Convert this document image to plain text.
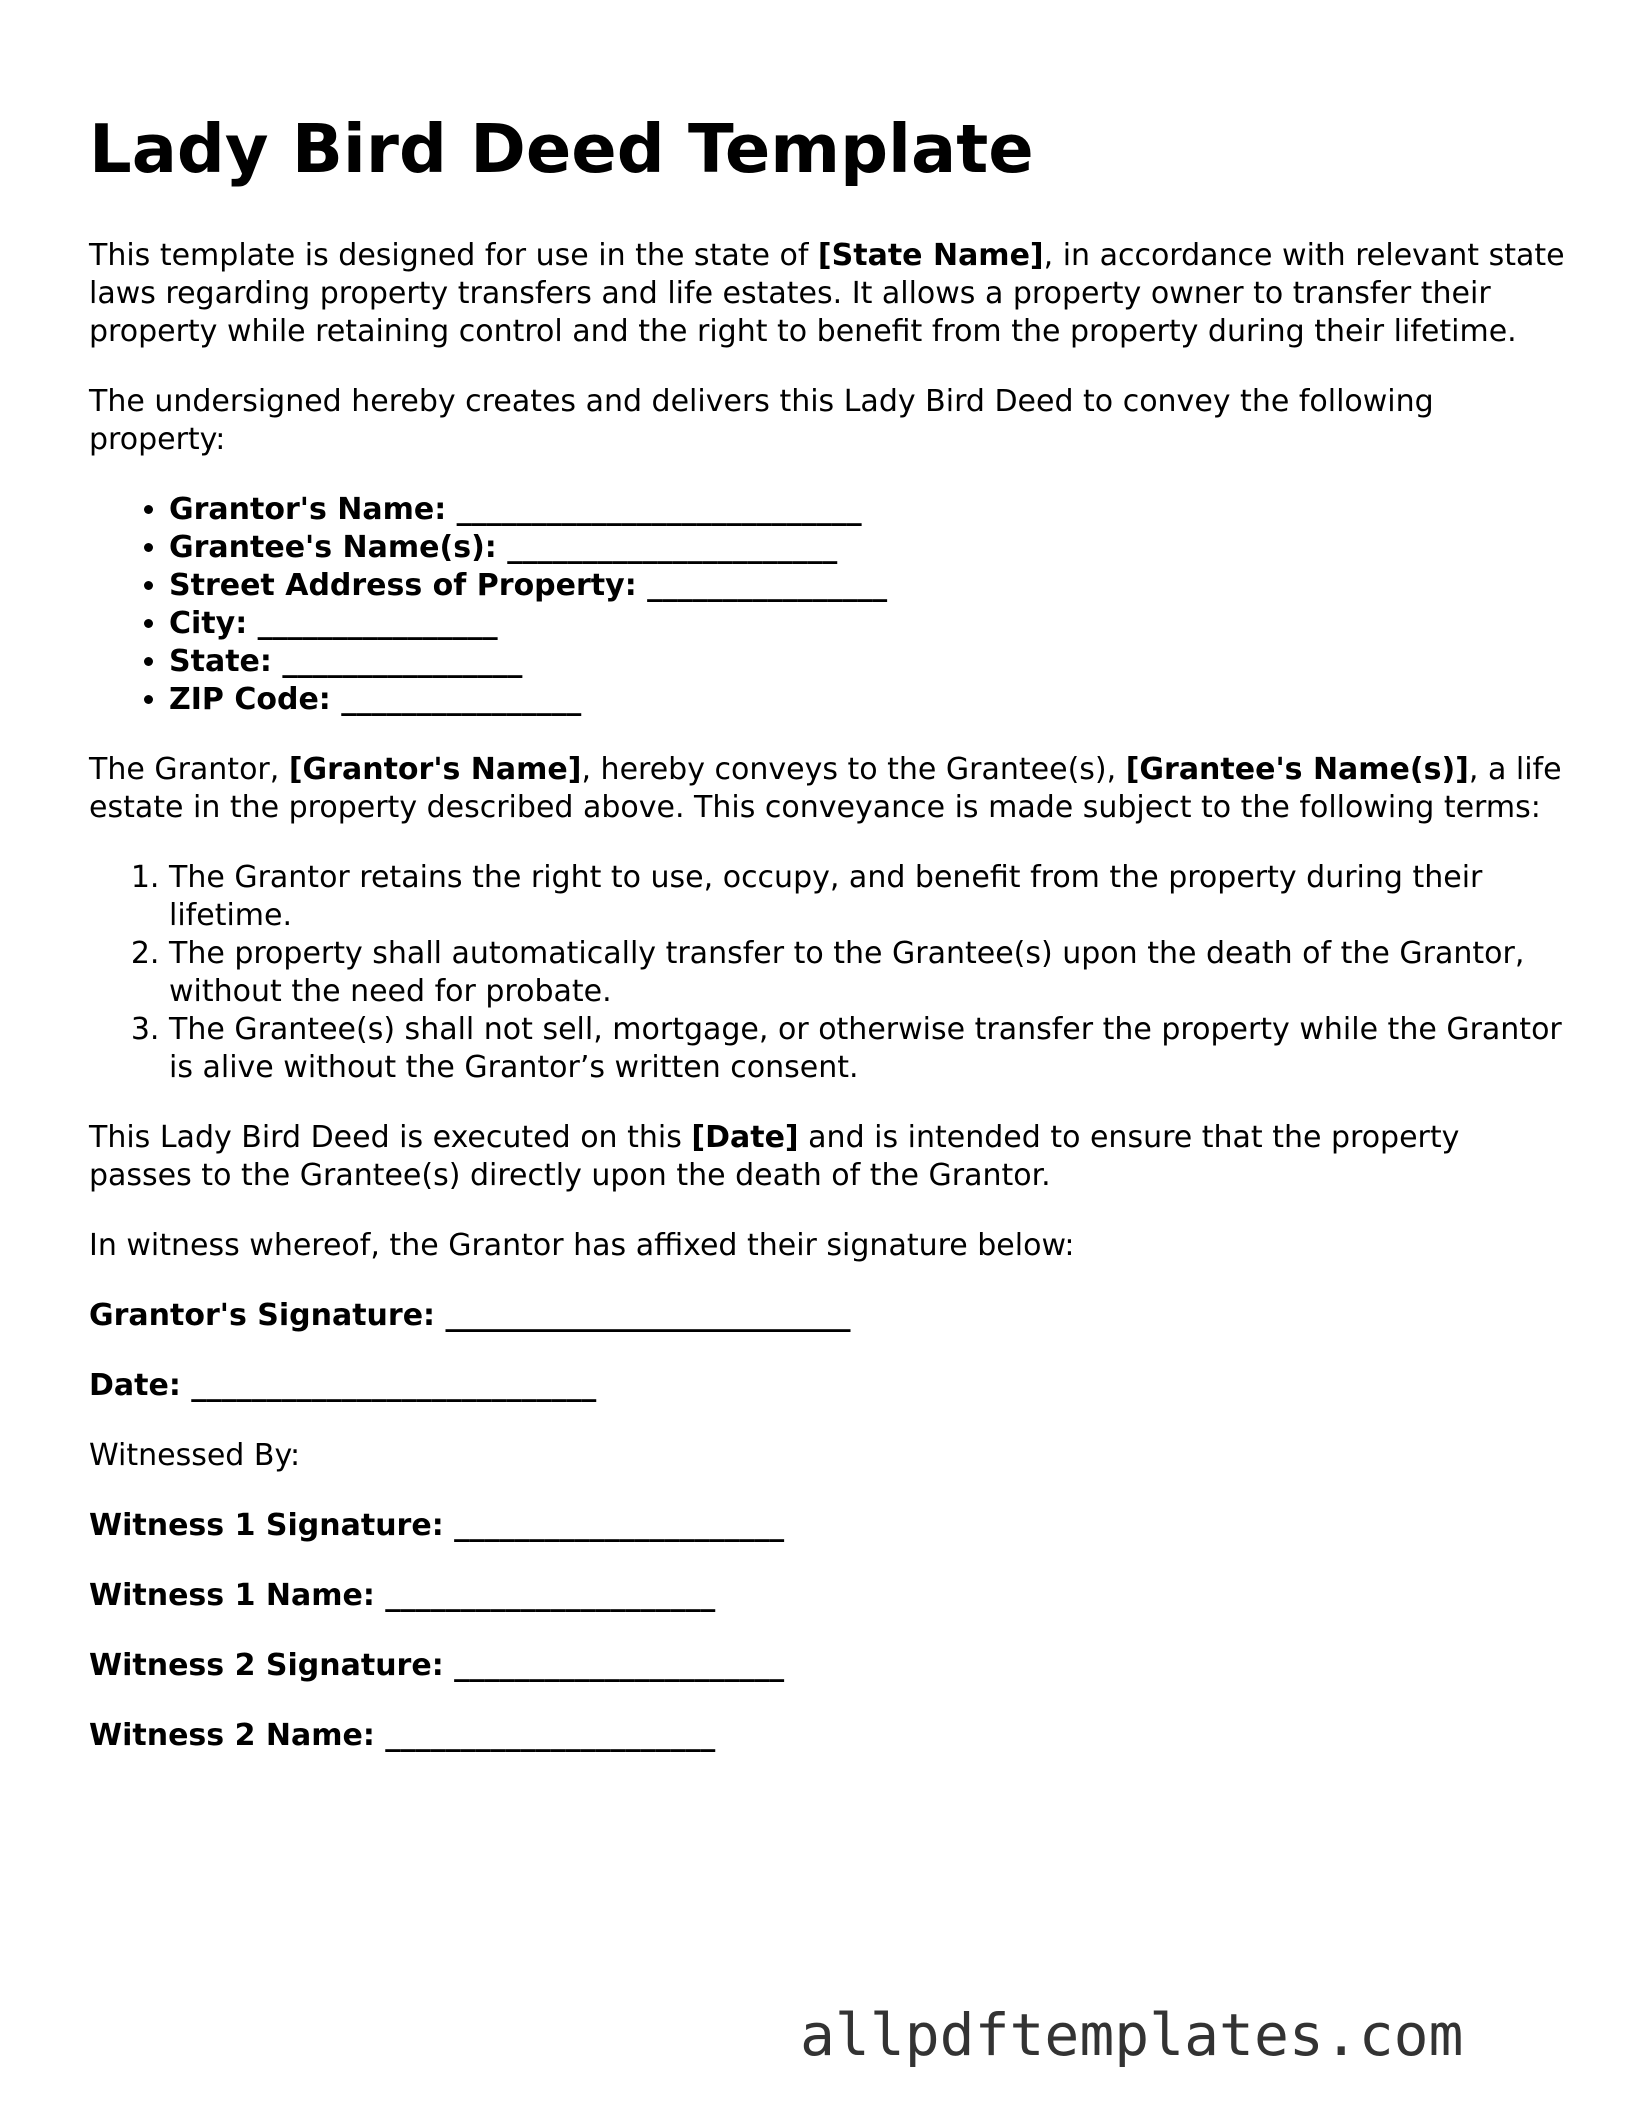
Lady Bird Deed Template

This template is designed for use in the state of [State Name], in accordance with relevant state laws regarding property transfers and life estates. It allows a property owner to transfer their property while retaining control and the right to benefit from the property during their lifetime.

The undersigned hereby creates and delivers this Lady Bird Deed to convey the following property:

• Grantor's Name: ___________________________
• Grantee's Name(s): ______________________
• Street Address of Property: ________________
• City: ________________
• State: ________________
• ZIP Code: ________________

The Grantor, [Grantor's Name], hereby conveys to the Grantee(s), [Grantee's Name(s)], a life estate in the property described above. This conveyance is made subject to the following terms:

1. The Grantor retains the right to use, occupy, and benefit from the property during their lifetime.
2. The property shall automatically transfer to the Grantee(s) upon the death of the Grantor, without the need for probate.
3. The Grantee(s) shall not sell, mortgage, or otherwise transfer the property while the Grantor is alive without the Grantor’s written consent.

This Lady Bird Deed is executed on this [Date] and is intended to ensure that the property passes to the Grantee(s) directly upon the death of the Grantor.

In witness whereof, the Grantor has affixed their signature below:

Grantor's Signature: ___________________________
Date: ___________________________
Witnessed By:
Witness 1 Signature: ______________________
Witness 1 Name: ______________________
Witness 2 Signature: ______________________
Witness 2 Name: ______________________
allpdftemplates.com
